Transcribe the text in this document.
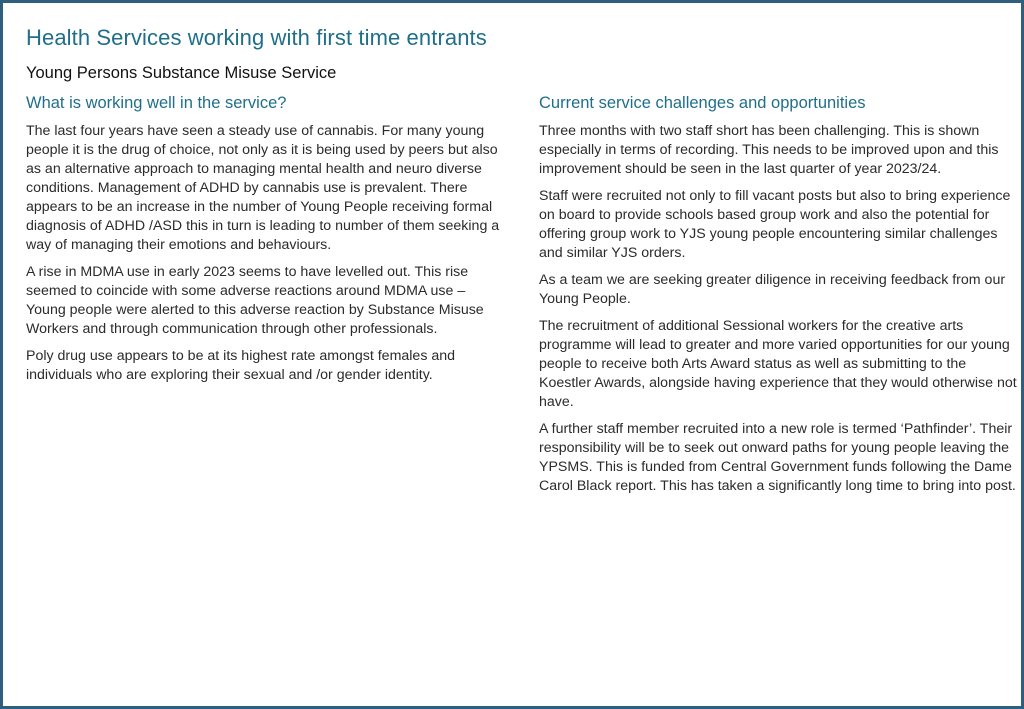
Health Services working with first time entrants
Young Persons Substance Misuse Service
What is working well in the service?

The last four years have seen a steady use of cannabis. For many young people it is the drug of choice, not only as it is being used by peers but also as an alternative approach to managing mental health and neuro diverse conditions. Management of ADHD by cannabis use is prevalent. There appears to be an increase in the number of Young People receiving formal diagnosis of ADHD /ASD this in turn is leading to number of them seeking a way of managing their emotions and behaviours.

A rise in MDMA use in early 2023 seems to have levelled out. This rise seemed to coincide with some adverse reactions around MDMA use – Young people were alerted to this adverse reaction by Substance Misuse Workers and through communication through other professionals.

Poly drug use appears to be at its highest rate amongst females and individuals who are exploring their sexual and /or gender identity.

Current service challenges and opportunities

Three months with two staff short has been challenging. This is shown especially in terms of recording. This needs to be improved upon and this improvement should be seen in the last quarter of year 2023/24.

Staff were recruited not only to fill vacant posts but also to bring experience on board to provide schools based group work and also the potential for offering group work to YJS young people encountering similar challenges and similar YJS orders.

As a team we are seeking greater diligence in receiving feedback from our Young People.

The recruitment of additional Sessional workers for the creative arts programme will lead to greater and more varied opportunities for our young people to receive both Arts Award status as well as submitting to the Koestler Awards, alongside having experience that they would otherwise not have.

A further staff member recruited into a new role is termed ‘Pathfinder’. Their responsibility will be to seek out onward paths for young people leaving the YPSMS. This is funded from Central Government funds following the Dame Carol Black report. This has taken a significantly long time to bring into post.
